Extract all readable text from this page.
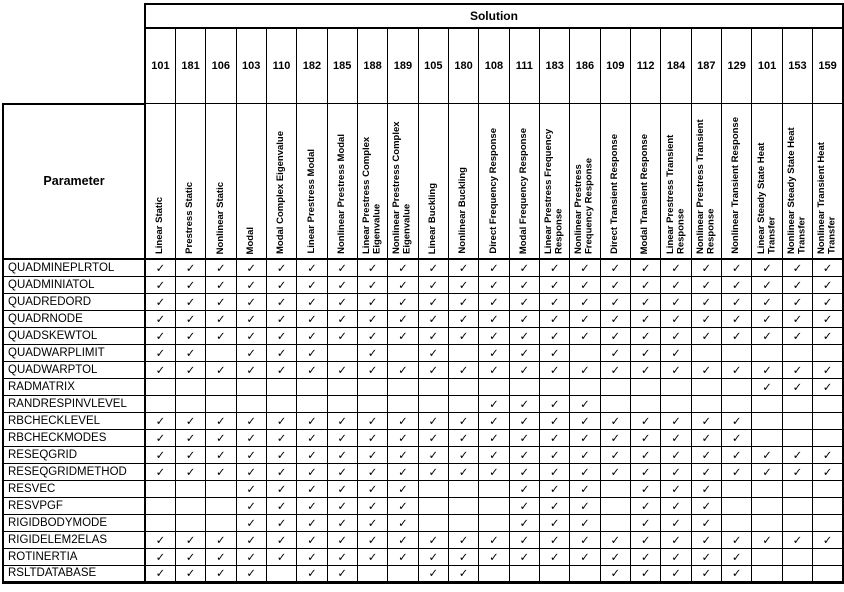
	Solution																						
	101	181	106	103	110	182	185	188	189	105	180	108	111	183	186	109	112	184	187	129	101	153	159
Parameter	Linear Static	Prestress Static	Nonlinear Static	Modal	Modal Complex Eigenvalue	Linear Prestress Modal	Nonlinear Prestress Modal	Linear Prestress Complex Eigenvalue	Nonlinear Prestress Complex Eigenvalue	Linear Buckling	Nonlinear Buckling	Direct Frequency Response	Modal Frequency Response	Linear Prestress Frequency Response	Nonlinear Prestress Frequency Response	Direct Transient Response	Modal Transient Response	Linear Prestress Transient Response	Nonlinear Prestress Transient Response	Nonlinear Transient Response	Linear Steady State Heat Transfer	Nonlinear Steady State Heat Transfer	Nonlinear Transient Heat Transfer
QUADMINEPLRTOL	✓	✓	✓	✓	✓	✓	✓	✓	✓	✓	✓	✓	✓	✓	✓	✓	✓	✓	✓	✓	✓	✓	✓
QUADMINIATOL	✓	✓	✓	✓	✓	✓	✓	✓	✓	✓	✓	✓	✓	✓	✓	✓	✓	✓	✓	✓	✓	✓	✓
QUADREDORD	✓	✓	✓	✓	✓	✓	✓	✓	✓	✓	✓	✓	✓	✓	✓	✓	✓	✓	✓	✓	✓	✓	✓
QUADRNODE	✓	✓	✓	✓	✓	✓	✓	✓	✓	✓	✓	✓	✓	✓	✓	✓	✓	✓	✓	✓	✓	✓	✓
QUADSKEWTOL	✓	✓	✓	✓	✓	✓	✓	✓	✓	✓	✓	✓	✓	✓	✓	✓	✓	✓	✓	✓	✓	✓	✓
QUADWARPLIMIT	✓	✓		✓	✓	✓		✓		✓		✓	✓	✓		✓	✓	✓					
QUADWARPTOL	✓	✓	✓	✓	✓	✓	✓	✓	✓	✓	✓	✓	✓	✓	✓	✓	✓	✓	✓	✓	✓	✓	✓
RADMATRIX																					✓	✓	✓
RANDRESPINVLEVEL												✓	✓	✓	✓								
RBCHECKLEVEL	✓	✓	✓	✓	✓	✓	✓	✓	✓	✓	✓	✓	✓	✓	✓	✓	✓	✓	✓	✓			
RBCHECKMODES	✓	✓	✓	✓	✓	✓	✓	✓	✓	✓	✓	✓	✓	✓	✓	✓	✓	✓	✓	✓			
RESEQGRID	✓	✓	✓	✓	✓	✓	✓	✓	✓	✓	✓	✓	✓	✓	✓	✓	✓	✓	✓	✓	✓	✓	✓
RESEQGRIDMETHOD	✓	✓	✓	✓	✓	✓	✓	✓	✓	✓	✓	✓	✓	✓	✓	✓	✓	✓	✓	✓	✓	✓	✓
RESVEC				✓	✓	✓	✓	✓	✓				✓	✓	✓		✓	✓	✓				
RESVPGF				✓	✓	✓	✓	✓	✓				✓	✓	✓		✓	✓	✓				
RIGIDBODYMODE				✓	✓	✓	✓	✓	✓				✓	✓	✓		✓	✓	✓				
RIGIDELEM2ELAS	✓	✓	✓	✓	✓	✓	✓	✓	✓	✓	✓	✓	✓	✓	✓	✓	✓	✓	✓	✓	✓	✓	✓
ROTINERTIA	✓	✓	✓	✓	✓	✓	✓	✓	✓	✓	✓	✓	✓	✓	✓	✓	✓	✓	✓	✓			
RSLTDATABASE	✓	✓	✓	✓		✓	✓			✓	✓					✓	✓	✓	✓	✓			
